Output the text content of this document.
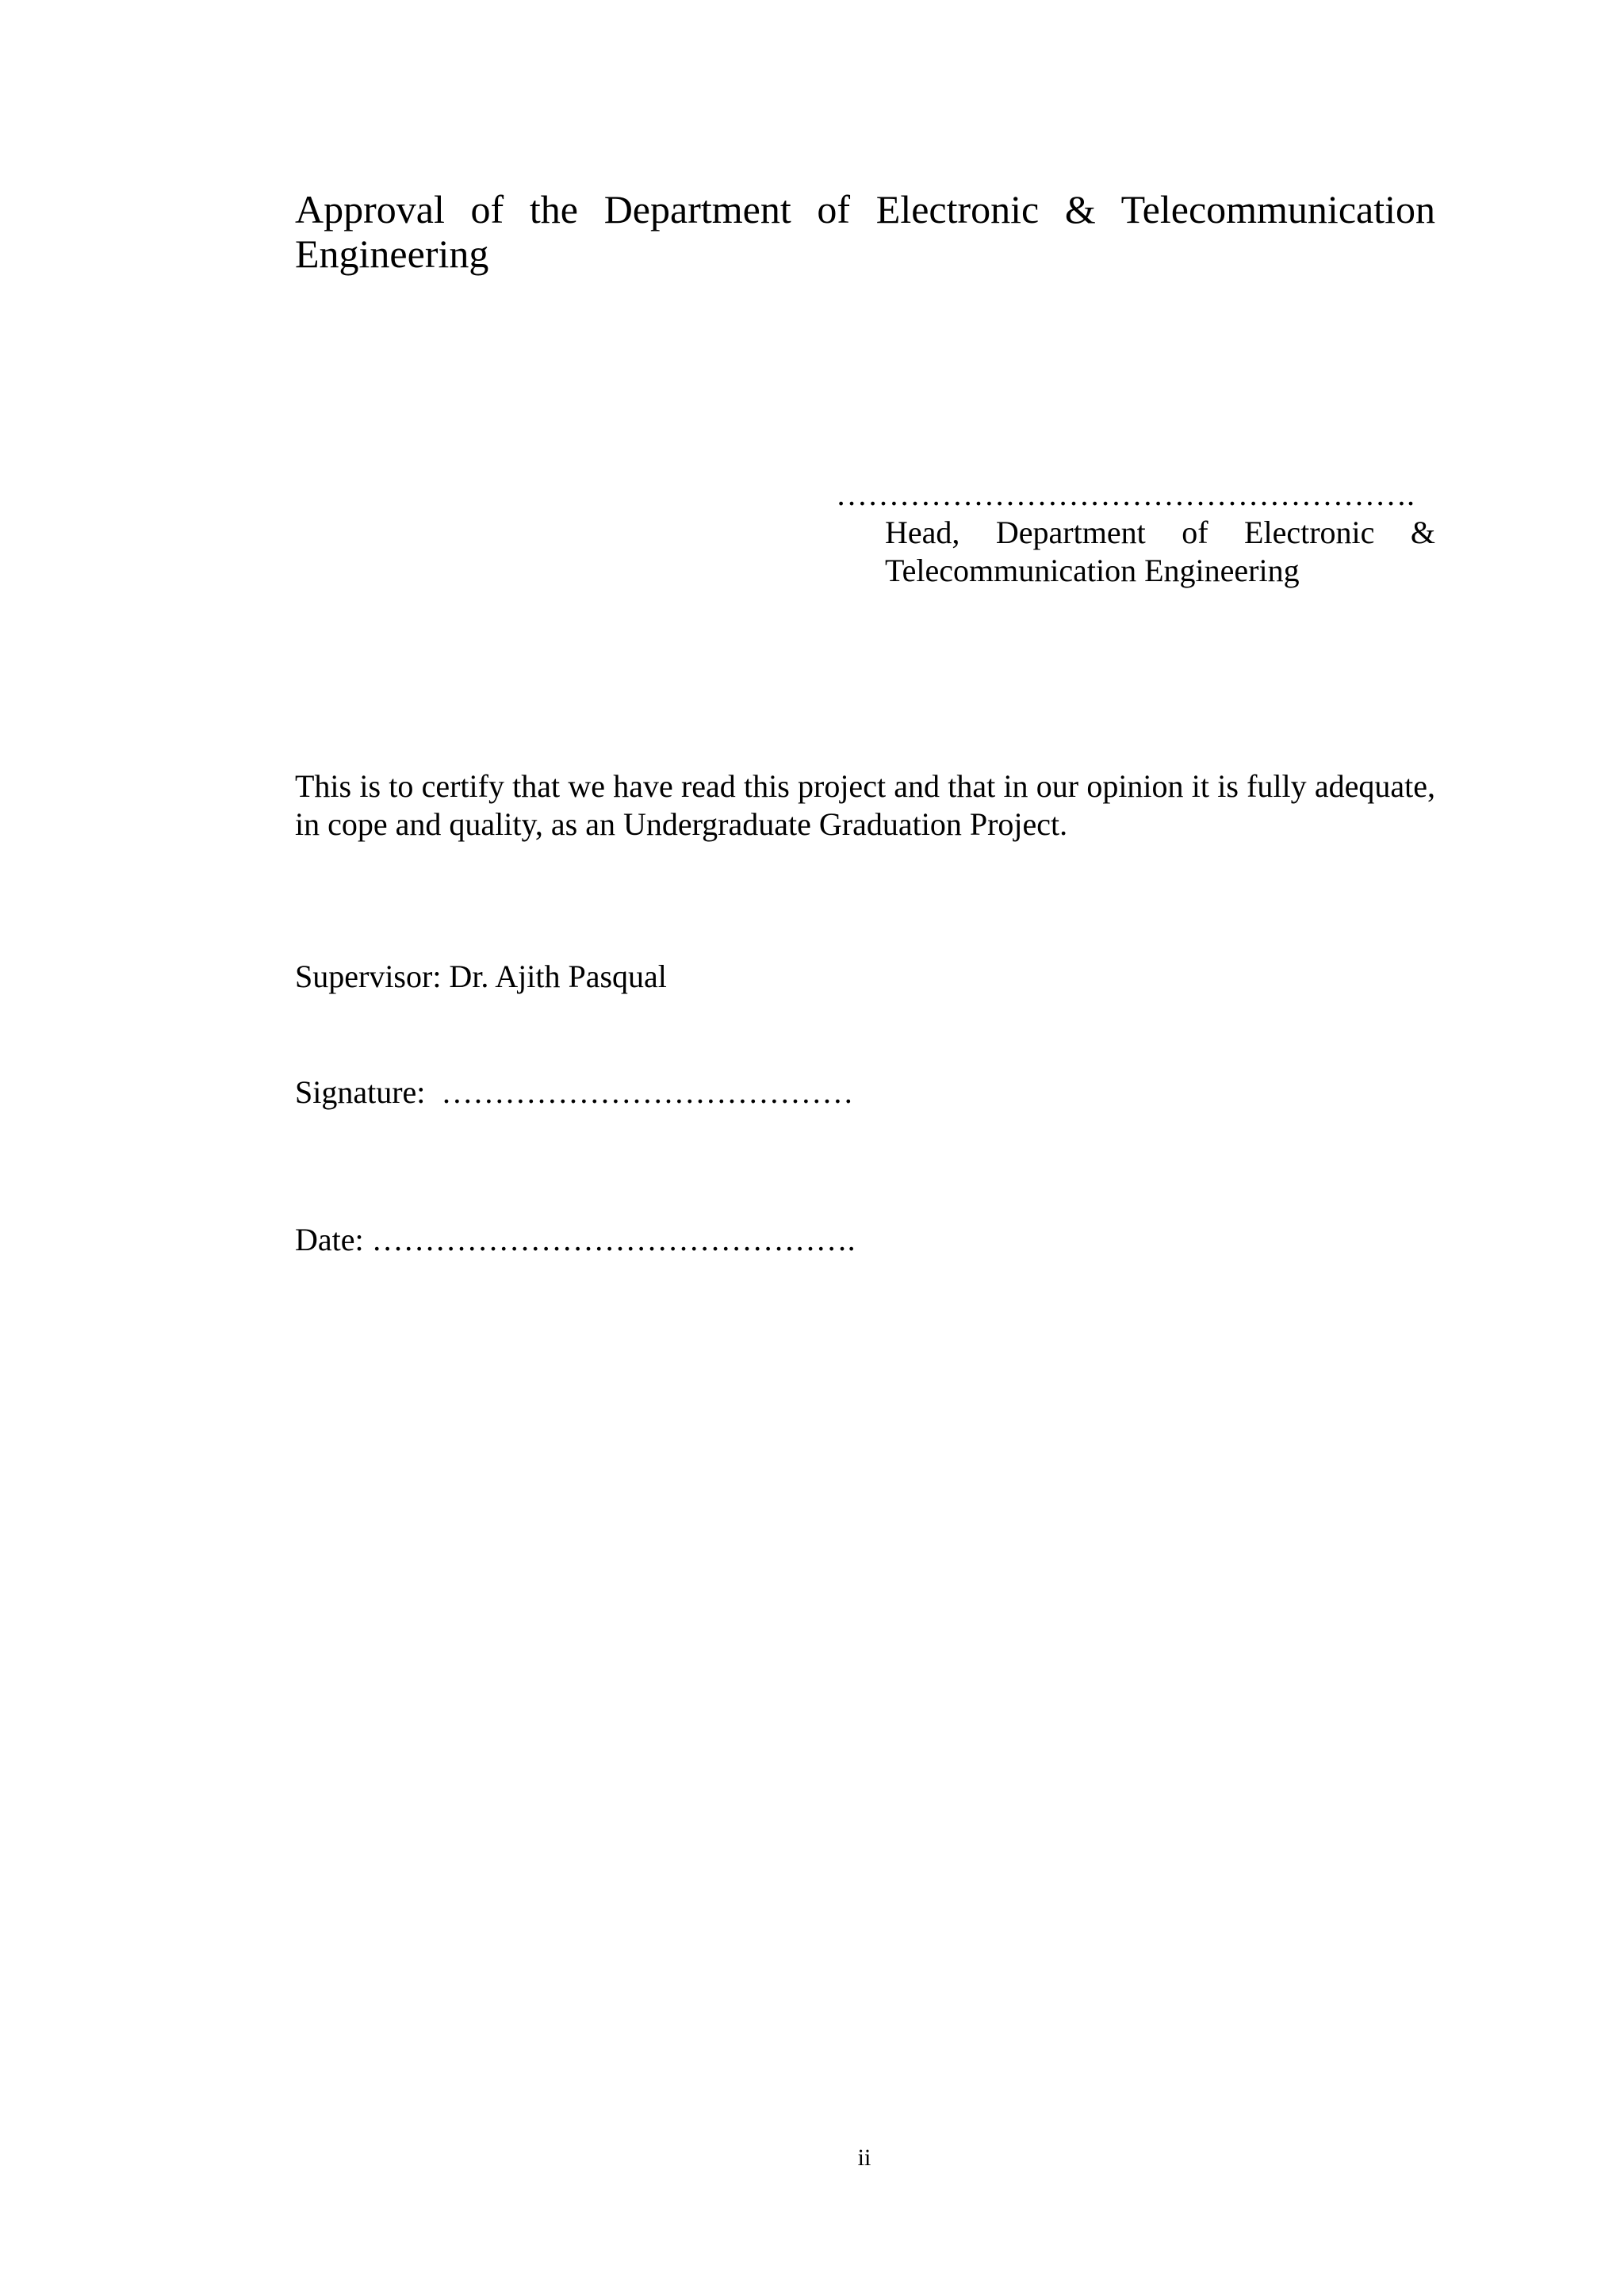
Approval of the Department of Electronic & Telecommunication Engineering
……………………………………………….
Head, Department of Electronic & Telecommunication Engineering
This is to certify that we have read this project and that in our opinion it is fully adequate, in cope and quality, as an Undergraduate Graduation Project.
Supervisor: Dr. Ajith Pasqual
Signature: …………………………………
Date: ……………………………………….
ii
